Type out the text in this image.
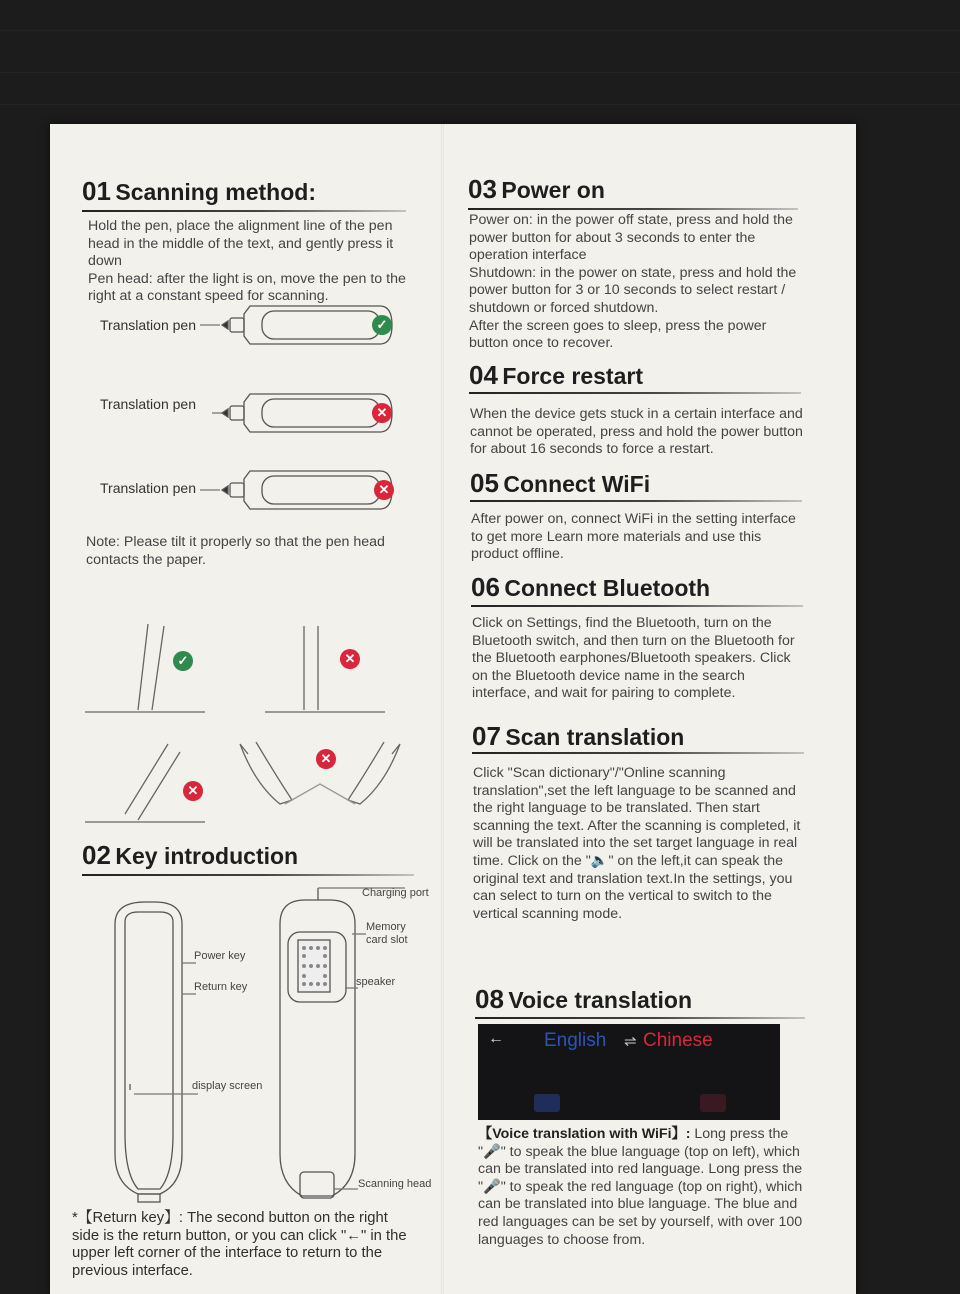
01 Scanning method:
Hold the pen, place the alignment line of the pen head in the middle of the text, and gently press it down
Pen head: after the light is on, move the pen to the right at a constant speed for scanning.
Translation pen
Translation pen
Translation pen
✓
✕
✕
Note: Please tilt it properly so that the pen head contacts the paper.
✓	✕
✕
✕
02 Key introduction
Charging port
Memory card slot
speaker
Power key
Return key
display screen
Scanning head
*【Return key】: The second button on the right side is the return button, or you can click "←" in the upper left corner of the interface to return to the previous interface.
03 Power on
Power on: in the power off state, press and hold the power button for about 3 seconds to enter the operation interface
Shutdown: in the power on state, press and hold the power button for 3 or 10 seconds to select restart / shutdown or forced shutdown.
After the screen goes to sleep, press the power button once to recover.
04 Force restart
When the device gets stuck in a certain interface and cannot be operated, press and hold the power button for about 16 seconds to force a restart.
05 Connect WiFi
After power on, connect WiFi in the setting interface to get more Learn more materials and use this product offline.
06 Connect Bluetooth
Click on Settings, find the Bluetooth, turn on the Bluetooth switch, and then turn on the Bluetooth for the Bluetooth earphones/Bluetooth speakers. Click on the Bluetooth device name in the search interface, and wait for pairing to complete.
07 Scan translation
Click "Scan dictionary"/"Online scanning translation",set the left language to be scanned and the right language to be translated. Then start scanning the text. After the scanning is completed, it will be translated into the set target language in real time. Click on the "🔈" on the left,it can speak the original text and translation text.In the settings, you can select to turn on the vertical to switch to the vertical scanning mode.
08 Voice translation
← English ⇌ Chinese
【Voice translation with WiFi】: Long press the "🎤" to speak the blue language (top on left), which can be translated into red language. Long press the "🎤" to speak the red language (top on right), which can be translated into blue language. The blue and red languages can be set by yourself, with over 100 languages to choose from.
